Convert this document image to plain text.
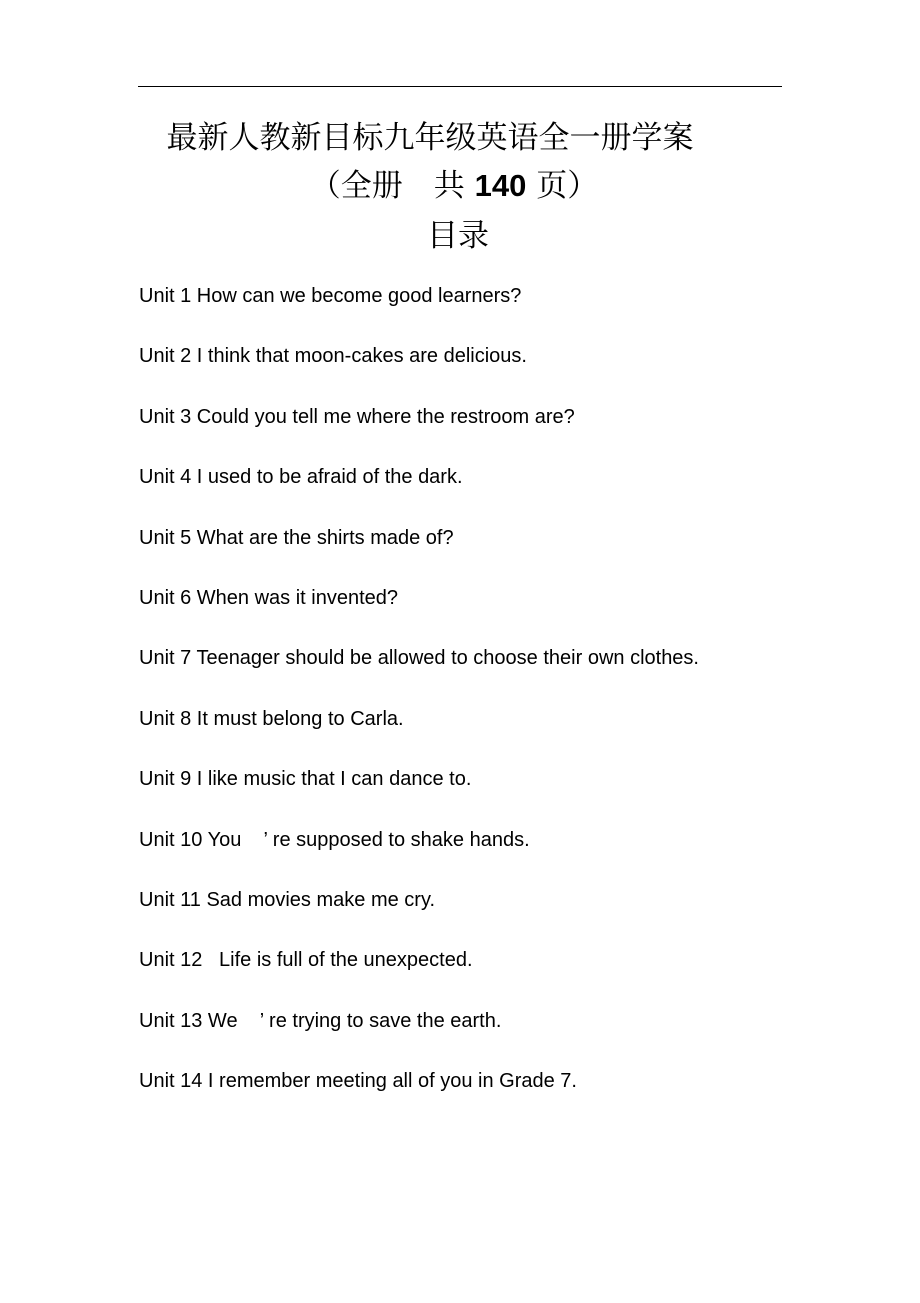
最新人教新目标九年级英语全一册学案
（全册　共 140 页）
目录
Unit 1 How can we become good learners?
Unit 2 I think that moon-cakes are delicious.
Unit 3 Could you tell me where the restroom are?
Unit 4 I used to be afraid of the dark.
Unit 5 What are the shirts made of?
Unit 6 When was it invented?
Unit 7 Teenager should be allowed to choose their own clothes.
Unit 8 It must belong to Carla.
Unit 9 I like music that I can dance to.
Unit 10 You    ’ re supposed to shake hands.
Unit 11 Sad movies make me cry.
Unit 12   Life is full of the unexpected.
Unit 13 We    ’ re trying to save the earth.
Unit 14 I remember meeting all of you in Grade 7.
